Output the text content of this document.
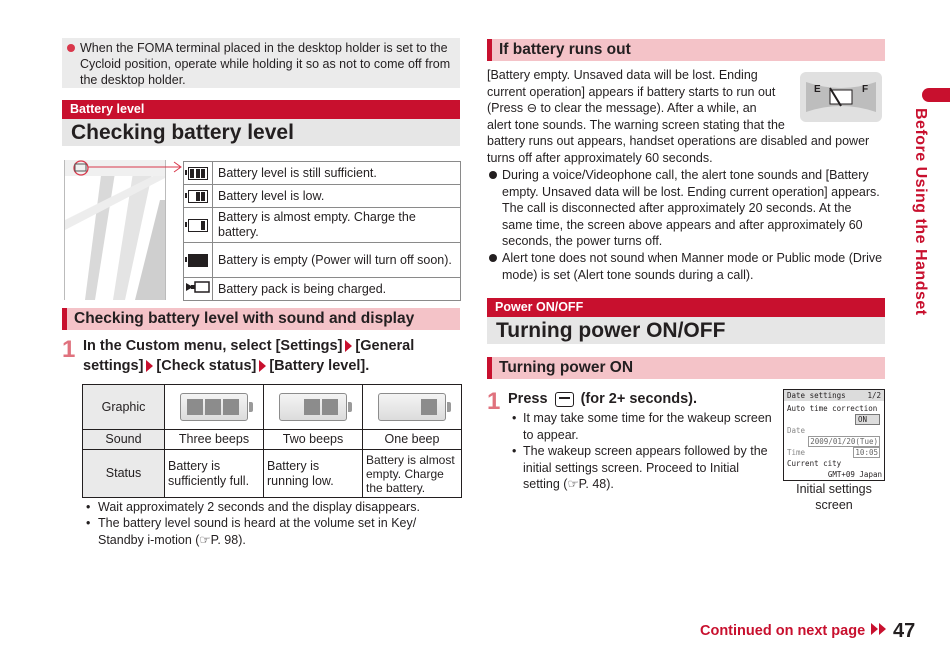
When the FOMA terminal placed in the desktop holder is set to the Cycloid position, operate while holding it so as not to come off from the desktop holder.
Battery level
Checking battery level
	Battery level is still sufficient.

	Battery level is low.

	Battery is almost empty. Charge the battery.
	Battery is empty (Power will turn off soon).
	Battery pack is being charged.
Checking battery level with sound and display
1 In the Custom menu, select [Settings] [General settings] [Check status] [Battery level].
Graphic	

Sound	Three beeps	Two beeps	One beep
Status	Battery is sufficiently full.	Battery is running low.	Battery is almost empty. Charge the battery.
• Wait approximately 2 seconds and the display disappears.
• The battery level sound is heard at the volume set in Key/ Standby i-motion (☞P. 98).
If battery runs out
[Battery empty. Unsaved data will be lost. Ending
current operation] appears if battery starts to run out
(Press ⊖ to clear the message). After a while, an
alert tone sounds. The warning screen stating that the
battery runs out appears, handset operations are disabled and power
turns off after approximately 60 seconds.
E	F
During a voice/Videophone call, the alert tone sounds and [Battery empty. Unsaved data will be lost. Ending current operation] appears. The call is disconnected after approximately 20 seconds. At the same time, the screen above appears and after approximately 60 seconds, the power turns off.
Alert tone does not sound when Manner mode or Public mode (Drive mode) is set (Alert tone sounds during a call).
Power ON/OFF
Turning power ON/OFF
Turning power ON
1 Press (for 2+ seconds).
• It may take some time for the wakeup screen to appear.
• The wakeup screen appears followed by the initial settings screen. Proceed to Initial setting (☞P. 48).
Date settings	1/2
Auto time correction
ON
Date
2009/01/20(Tue)
Time	10:05
Current city
GMT+09 Japan
Initial settings screen
Before Using the Handset
Continued on next page	47
